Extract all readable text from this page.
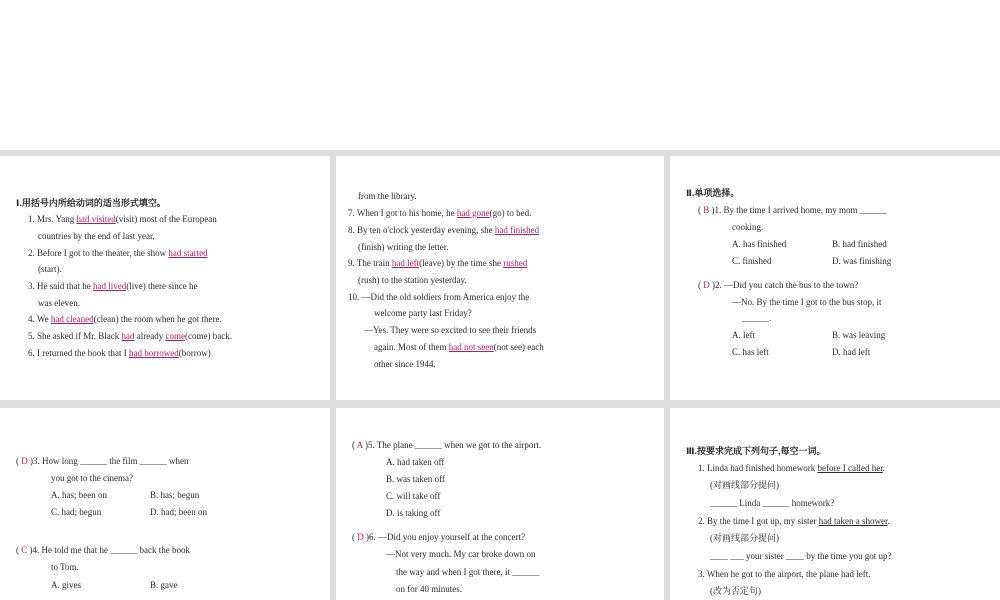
Ⅰ.用括号内所给动词的适当形式填空。
1. Mrs. Yang had visited(visit) most of the European
countries by the end of last year.
2. Before I got to the theater, the show had started
(start).
3. He said that he had lived(live) there since he
was eleven.
4. We had cleaned(clean) the room when he got there.
5. She asked if Mr. Black had already come(come) back.
6. I returned the book that I had borrowed(borrow)
from the library.
7. When I got to his home, he had gone(go) to bed.
8. By ten o'clock yesterday evening, she had finished
(finish) writing the letter.
9. The train had left(leave) by the time she rushed
(rush) to the station yesterday.
10. —Did the old soldiers from America enjoy the
welcome party last Friday?
—Yes. They were so excited to see their friends
again. Most of them had not seen(not see) each
other since 1944.
Ⅱ.单项选择。
( B )1. By the time I arrived home, my mom ______
cooking.
A. has finished	B. had finished
C. finished	D. was finishing
( D )2. —Did you catch the bus to the town?
—No. By the time I got to the bus stop, it
______.
A. left	B. was leaving
C. has left	D. had left
( D )3. How long ______ the film ______ when
you got to the cinema?
A. has; been on	B. has; begun
C. had; begun	D. had; been on
( C )4. He told me that he ______ back the book
to Tom.
A. gives	B. gave
( A )5. The plane ______ when we got to the airport.
A. had taken off
B. was taken off
C. will take off
D. is taking off
( D )6. —Did you enjoy yourself at the concert?
—Not very much. My car broke down on
the way and when I got there, it ______
on for 40 minutes.
Ⅲ.按要求完成下列句子,每空一词。
1. Linda had finished homework before I called her.
(对画线部分提问)
______ Linda ______ homework?
2. By the time I got up, my sister had taken a shower.
(对画线部分提问)
____ ___ your sister ____ by the time you got up?
3. When he got to the airport, the plane had left.
(改为否定句)
